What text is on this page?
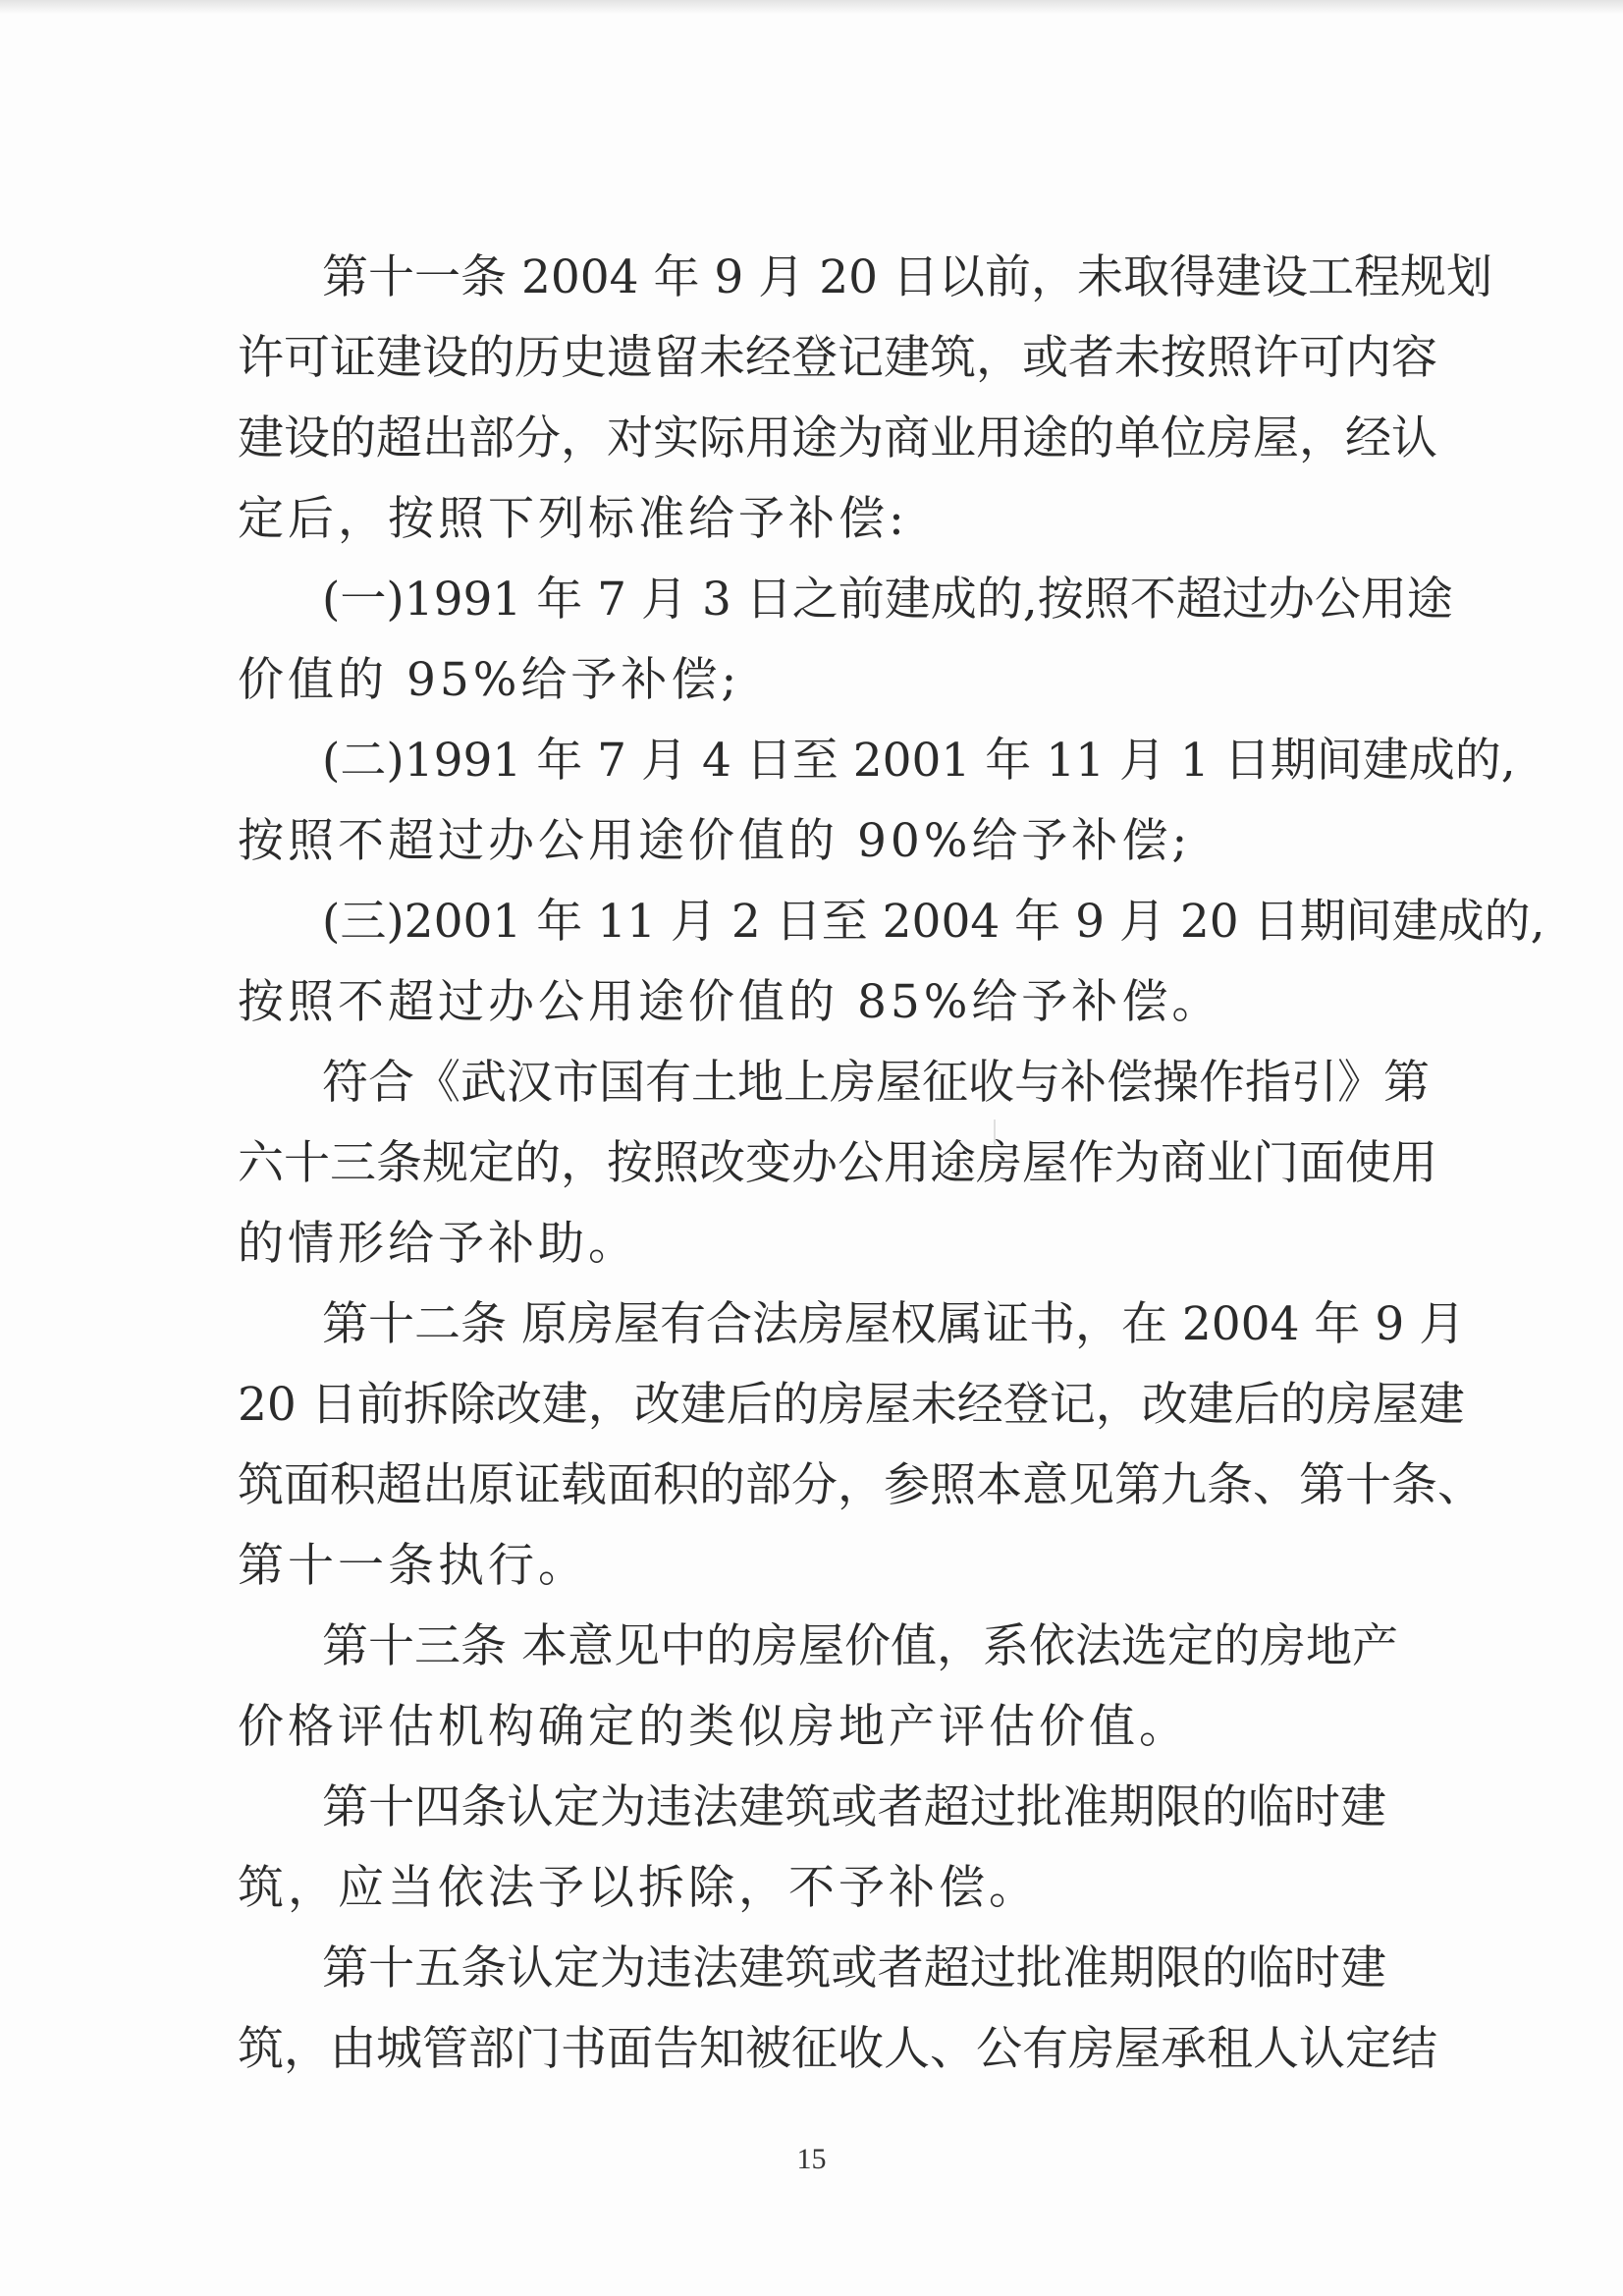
第十一条 2004 年 9 月 20 日以前，未取得建设工程规划
许可证建设的历史遗留未经登记建筑，或者未按照许可内容
建设的超出部分，对实际用途为商业用途的单位房屋，经认
定后，按照下列标准给予补偿:
(一)1991 年 7 月 3 日之前建成的,按照不超过办公用途
价值的 95%给予补偿;
(二)1991 年 7 月 4 日至 2001 年 11 月 1 日期间建成的,
按照不超过办公用途价值的 90%给予补偿;
(三)2001 年 11 月 2 日至 2004 年 9 月 20 日期间建成的,
按照不超过办公用途价值的 85%给予补偿。
符合《武汉市国有土地上房屋征收与补偿操作指引》第
六十三条规定的，按照改变办公用途房屋作为商业门面使用
的情形给予补助。
第十二条 原房屋有合法房屋权属证书，在 2004 年 9 月
20 日前拆除改建，改建后的房屋未经登记，改建后的房屋建
筑面积超出原证载面积的部分，参照本意见第九条、第十条、
第十一条执行。
第十三条 本意见中的房屋价值，系依法选定的房地产
价格评估机构确定的类似房地产评估价值。
第十四条认定为违法建筑或者超过批准期限的临时建
筑，应当依法予以拆除，不予补偿。
第十五条认定为违法建筑或者超过批准期限的临时建
筑，由城管部门书面告知被征收人、公有房屋承租人认定结
15
